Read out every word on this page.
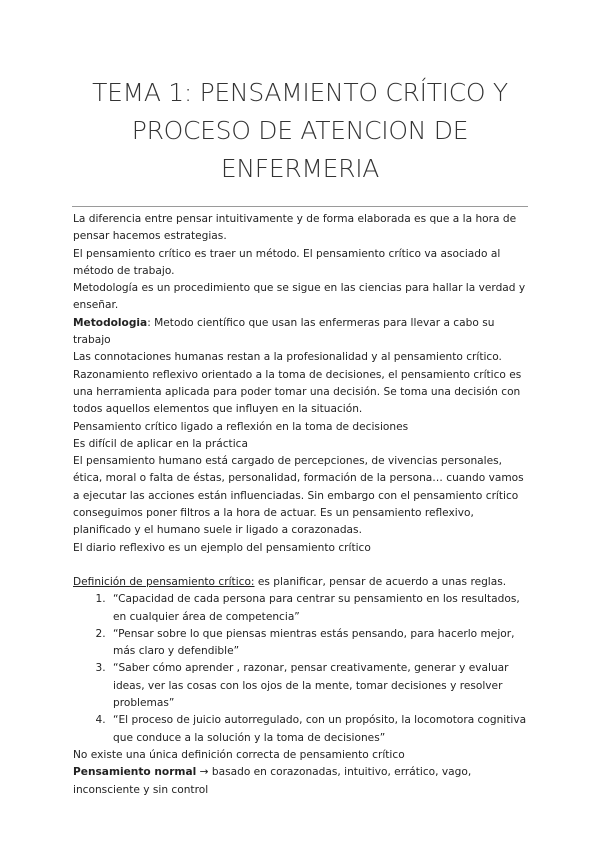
TEMA 1: PENSAMIENTO CRÍTICO Y PROCESO DE ATENCION DE ENFERMERIA

La diferencia entre pensar intuitivamente y de forma elaborada es que a la hora de pensar hacemos estrategias.

El pensamiento crítico es traer un método. El pensamiento crítico va asociado al método de trabajo.

Metodología es un procedimiento que se sigue en las ciencias para hallar la verdad y enseñar.

Metodologia: Metodo científico que usan las enfermeras para llevar a cabo su trabajo

Las connotaciones humanas restan a la profesionalidad y al pensamiento crítico.

Razonamiento reflexivo orientado a la toma de decisiones, el pensamiento crítico es una herramienta aplicada para poder tomar una decisión. Se toma una decisión con todos aquellos elementos que influyen en la situación.

Pensamiento crítico ligado a reflexión en la toma de decisiones

Es difícil de aplicar en la práctica

El pensamiento humano está cargado de percepciones, de vivencias personales, ética, moral o falta de éstas, personalidad, formación de la persona… cuando vamos a ejecutar las acciones están influenciadas. Sin embargo con el pensamiento crítico conseguimos poner filtros a la hora de actuar. Es un pensamiento reflexivo, planificado y el humano suele ir ligado a corazonadas.

El diario reflexivo es un ejemplo del pensamiento crítico

Definición de pensamiento crítico: es planificar, pensar de acuerdo a unas reglas.

1. “Capacidad de cada persona para centrar su pensamiento en los resultados, en cualquier área de competencia”
2. “Pensar sobre lo que piensas mientras estás pensando, para hacerlo mejor, más claro y defendible”
3. “Saber cómo aprender , razonar, pensar creativamente, generar y evaluar ideas, ver las cosas con los ojos de la mente, tomar decisiones y resolver problemas”
4. “El proceso de juicio autorregulado, con un propósito, la locomotora cognitiva que conduce a la solución y la toma de decisiones”

No existe una única definición correcta de pensamiento crítico

Pensamiento normal → basado en corazonadas, intuitivo, errático, vago, inconsciente y sin control
